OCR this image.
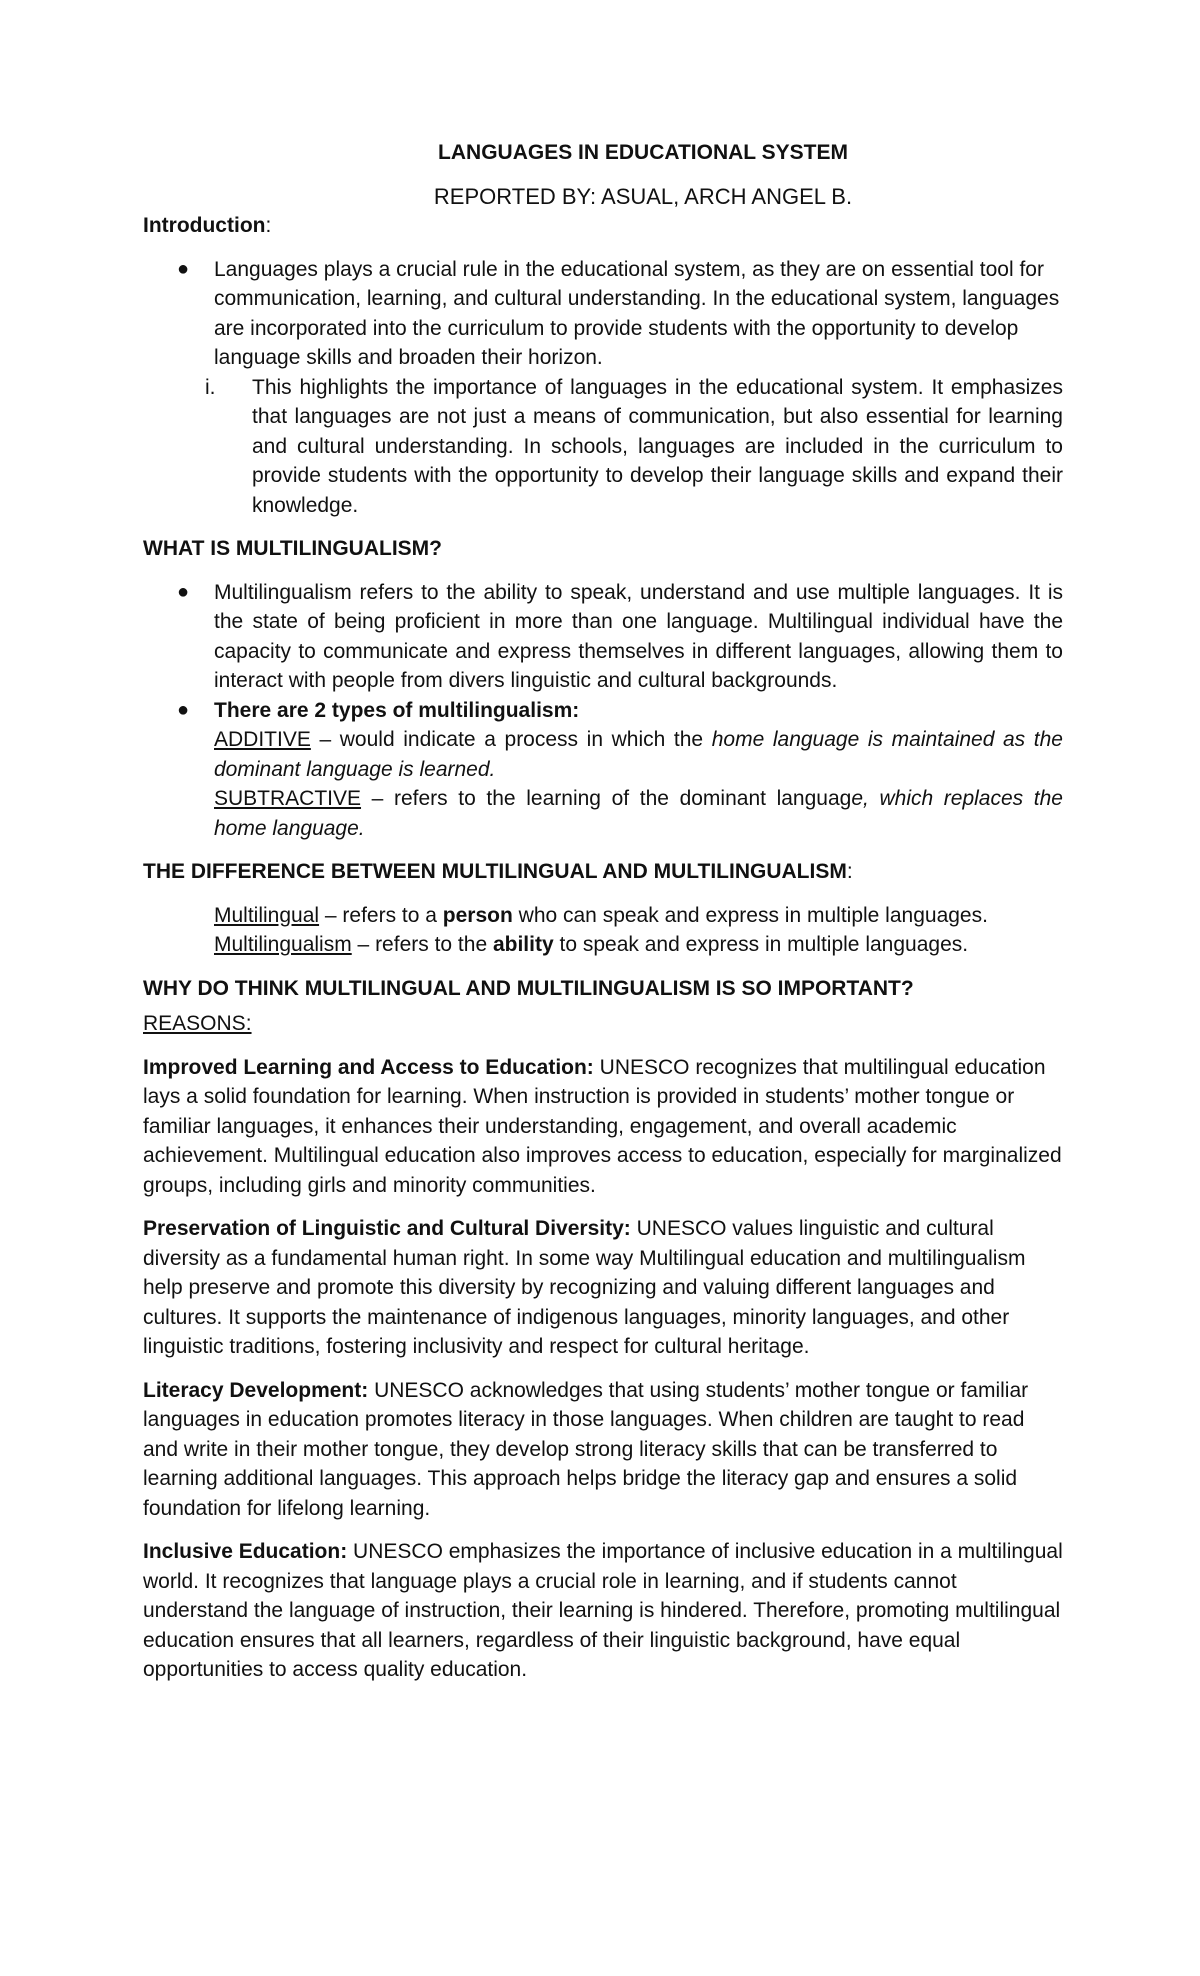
LANGUAGES IN EDUCATIONAL SYSTEM
REPORTED BY: ASUAL, ARCH ANGEL B.
Introduction:
● Languages plays a crucial rule in the educational system, as they are on essential tool for communication, learning, and cultural understanding. In the educational system, languages are incorporated into the curriculum to provide students with the opportunity to develop language skills and broaden their horizon.
i. This highlights the importance of languages in the educational system. It emphasizes that languages are not just a means of communication, but also essential for learning and cultural understanding. In schools, languages are included in the curriculum to provide students with the opportunity to develop their language skills and expand their knowledge.
WHAT IS MULTILINGUALISM?
● Multilingualism refers to the ability to speak, understand and use multiple languages. It is the state of being proficient in more than one language. Multilingual individual have the capacity to communicate and express themselves in different languages, allowing them to interact with people from divers linguistic and cultural backgrounds.
● There are 2 types of multilingualism:
ADDITIVE – would indicate a process in which the home language is maintained as the dominant language is learned.
SUBTRACTIVE – refers to the learning of the dominant language, which replaces the home language.
THE DIFFERENCE BETWEEN MULTILINGUAL AND MULTILINGUALISM:
Multilingual – refers to a person who can speak and express in multiple languages.
Multilingualism – refers to the ability to speak and express in multiple languages.
WHY DO THINK MULTILINGUAL AND MULTILINGUALISM IS SO IMPORTANT?
REASONS:
Improved Learning and Access to Education: UNESCO recognizes that multilingual education lays a solid foundation for learning. When instruction is provided in students’ mother tongue or familiar languages, it enhances their understanding, engagement, and overall academic achievement. Multilingual education also improves access to education, especially for marginalized groups, including girls and minority communities.
Preservation of Linguistic and Cultural Diversity: UNESCO values linguistic and cultural diversity as a fundamental human right. In some way Multilingual education and multilingualism help preserve and promote this diversity by recognizing and valuing different languages and cultures. It supports the maintenance of indigenous languages, minority languages, and other linguistic traditions, fostering inclusivity and respect for cultural heritage.
Literacy Development: UNESCO acknowledges that using students’ mother tongue or familiar languages in education promotes literacy in those languages. When children are taught to read and write in their mother tongue, they develop strong literacy skills that can be transferred to learning additional languages. This approach helps bridge the literacy gap and ensures a solid foundation for lifelong learning.
Inclusive Education: UNESCO emphasizes the importance of inclusive education in a multilingual world. It recognizes that language plays a crucial role in learning, and if students cannot understand the language of instruction, their learning is hindered. Therefore, promoting multilingual education ensures that all learners, regardless of their linguistic background, have equal opportunities to access quality education.
